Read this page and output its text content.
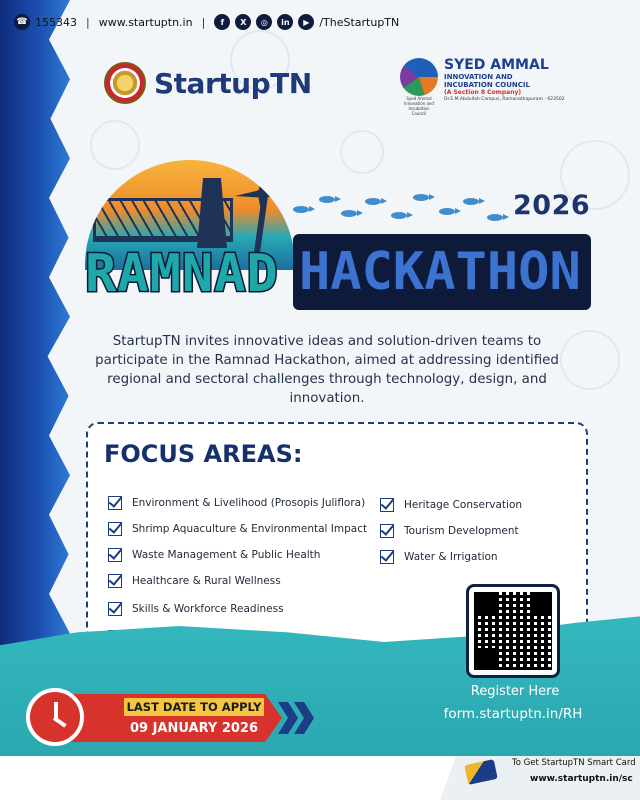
StartupTN	Syed Ammal Innovation and Incubation Council
SYED AMMAL
INNOVATION AND
INCUBATION COUNCIL
(A Section 8 Company)
Dr.E.M.Abdullah Campus, Ramanathapuram - 623502
2026
RAMNAD HACKATHON

StartupTN invites innovative ideas and solution-driven teams to participate in the Ramnad Hackathon, aimed at addressing identified regional and sectoral challenges through technology, design, and innovation.

FOCUS AREAS:
Environment & Livelihood (Prosopis Juliflora)
Shrimp Aquaculture & Environmental Impact
Waste Management & Public Health
Healthcare & Rural Wellness
Skills & Workforce Readiness
Heritage Conservation
Tourism Development
Water & Irrigation
Register Here
form.startuptn.in/RH
LAST DATE TO APPLY
09 JANUARY 2026
☎ 155343 | www.startuptn.in |	f	X	◎	in	▶ /TheStartupTN
To Get StartupTN Smart Card
www.startuptn.in/sc
